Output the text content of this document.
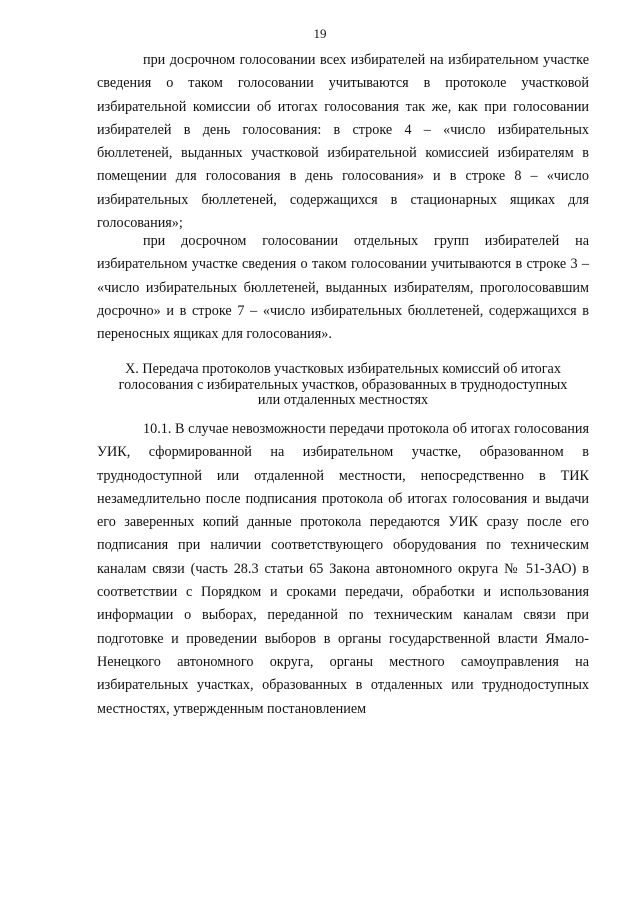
19

при досрочном голосовании всех избирателей на избирательном участке сведения о таком голосовании учитываются в протоколе участковой избирательной комиссии об итогах голосования так же, как при голосовании избирателей в день голосования: в строке 4 – «число избирательных бюллетеней, выданных участковой избирательной комиссией избирателям в помещении для голосования в день голосования» и в строке 8 – «число избирательных бюллетеней, содержащихся в стационарных ящиках для голосования»;

при досрочном голосовании отдельных групп избирателей на избирательном участке сведения о таком голосовании учитываются в строке 3 – «число избирательных бюллетеней, выданных избирателям, проголосовавшим досрочно» и в строке 7 – «число избирательных бюллетеней, содержащихся в переносных ящиках для голосования».

X. Передача протоколов участковых избирательных комиссий об итогах
голосования с избирательных участков, образованных в труднодоступных
или отдаленных местностях

10.1. В случае невозможности передачи протокола об итогах голосования УИК, сформированной на избирательном участке, образованном в труднодоступной или отдаленной местности, непосредственно в ТИК незамедлительно после подписания протокола об итогах голосования и выдачи его заверенных копий данные протокола передаются УИК сразу после его подписания при наличии соответствующего оборудования по техническим каналам связи (часть 28.3 статьи 65 Закона автономного округа № 51-ЗАО) в соответствии с Порядком и сроками передачи, обработки и использования информации о выборах, переданной по техническим каналам связи при подготовке и проведении выборов в органы государственной власти Ямало-Ненецкого автономного округа, органы местного самоуправления на избирательных участках, образованных в отдаленных или труднодоступных местностях, утвержденным постановлением
